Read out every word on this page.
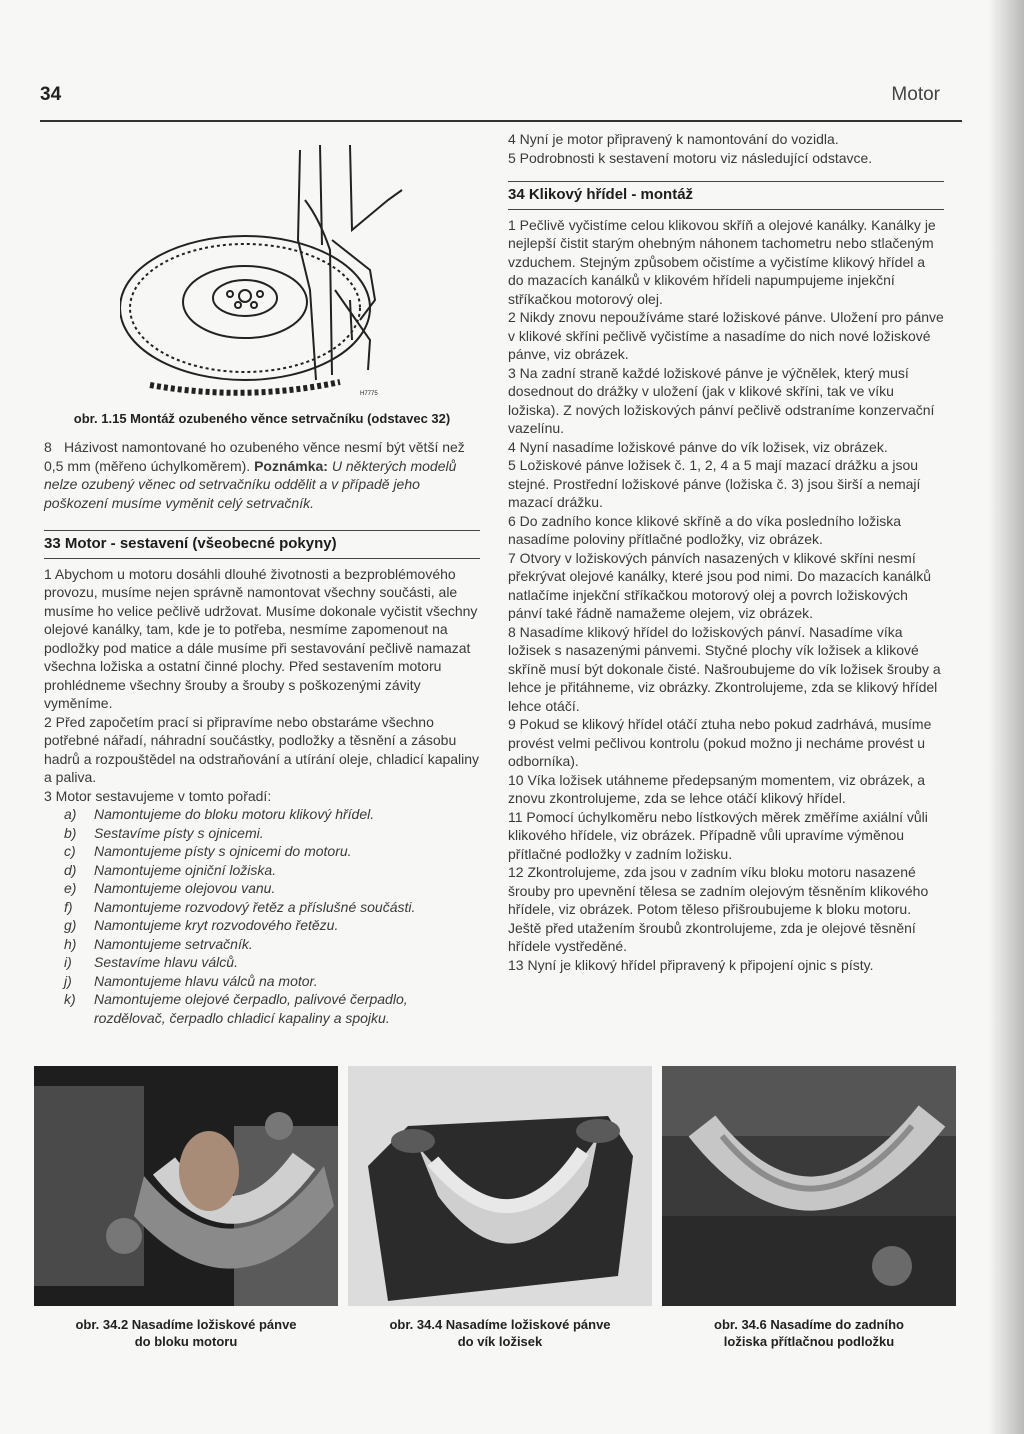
34	Motor
H7775
obr. 1.15 Montáž ozubeného věnce setrvačníku (odstavec 32)

8 Házivost namontované ho ozubeného věnce nesmí být větší než 0,5 mm (měřeno úchylkoměrem). Poznámka: U některých modelů nelze ozubený věnec od setrvačníku oddělit a v případě jeho poškození musíme vyměnit celý setrvačník.

33 Motor - sestavení (všeobecné pokyny)

1 Abychom u motoru dosáhli dlouhé životnosti a bezproblémového provozu, musíme nejen správně namontovat všechny součásti, ale musíme ho velice pečlivě udržovat. Musíme dokonale vyčistit všechny olejové kanálky, tam, kde je to potřeba, nesmíme zapomenout na podložky pod matice a dále musíme při sestavování pečlivě namazat všechna ložiska a ostatní činné plochy. Před sestavením motoru prohlédneme všechny šrouby a šrouby s poškozenými závity vyměníme.

2 Před započetím prací si připravíme nebo obstaráme všechno potřebné nářadí, náhradní součástky, podložky a těsnění a zásobu hadrů a rozpouštědel na odstraňování a utírání oleje, chladicí kapaliny a paliva.

3 Motor sestavujeme v tomto pořadí:

a) Namontujeme do bloku motoru klikový hřídel.
b) Sestavíme písty s ojnicemi.
c) Namontujeme písty s ojnicemi do motoru.
d) Namontujeme ojniční ložiska.
e) Namontujeme olejovou vanu.
f) Namontujeme rozvodový řetěz a příslušné součásti.
g) Namontujeme kryt rozvodového řetězu.
h) Namontujeme setrvačník.
i) Sestavíme hlavu válců.
j) Namontujeme hlavu válců na motor.
k) Namontujeme olejové čerpadlo, palivové čerpadlo, rozdělovač, čerpadlo chladicí kapaliny a spojku.

4 Nyní je motor připravený k namontování do vozidla.

5 Podrobnosti k sestavení motoru viz následující odstavce.

34 Klikový hřídel - montáž

1 Pečlivě vyčistíme celou klikovou skříň a olejové kanálky. Kanálky je nejlepší čistit starým ohebným náhonem tachometru nebo stlačeným vzduchem. Stejným způsobem očistíme a vyčistíme klikový hřídel a do mazacích kanálků v klikovém hřídeli napumpujeme injekční stříkačkou motorový olej.

2 Nikdy znovu nepoužíváme staré ložiskové pánve. Uložení pro pánve v klikové skříni pečlivě vyčistíme a nasadíme do nich nové ložiskové pánve, viz obrázek.

3 Na zadní straně každé ložiskové pánve je výčnělek, který musí dosednout do drážky v uložení (jak v klikové skříni, tak ve víku ložiska). Z nových ložiskových pánví pečlivě odstraníme konzervační vazelínu.

4 Nyní nasadíme ložiskové pánve do vík ložisek, viz obrázek.

5 Ložiskové pánve ložisek č. 1, 2, 4 a 5 mají mazací drážku a jsou stejné. Prostřední ložiskové pánve (ložiska č. 3) jsou širší a nemají mazací drážku.

6 Do zadního konce klikové skříně a do víka posledního ložiska nasadíme poloviny přítlačné podložky, viz obrázek.

7 Otvory v ložiskových pánvích nasazených v klikové skříni nesmí překrývat olejové kanálky, které jsou pod nimi. Do mazacích kanálků natlačíme injekční stříkačkou motorový olej a povrch ložiskových pánví také řádně namažeme olejem, viz obrázek.

8 Nasadíme klikový hřídel do ložiskových pánví. Nasadíme víka ložisek s nasazenými pánvemi. Styčné plochy vík ložisek a klikové skříně musí být dokonale čisté. Našroubujeme do vík ložisek šrouby a lehce je přitáhneme, viz obrázky. Zkontrolujeme, zda se klikový hřídel lehce otáčí.

9 Pokud se klikový hřídel otáčí ztuha nebo pokud zadrhává, musíme provést velmi pečlivou kontrolu (pokud možno ji necháme provést u odborníka).

10 Víka ložisek utáhneme předepsaným momentem, viz obrázek, a znovu zkontrolujeme, zda se lehce otáčí klikový hřídel.

11 Pomocí úchylkoměru nebo lístkových měrek změříme axiální vůli klikového hřídele, viz obrázek. Případně vůli upravíme výměnou přítlačné podložky v zadním ložisku.

12 Zkontrolujeme, zda jsou v zadním víku bloku motoru nasazené šrouby pro upevnění tělesa se zadním olejovým těsněním klikového hřídele, viz obrázek. Potom těleso přišroubujeme k bloku motoru. Ještě před utažením šroubů zkontrolujeme, zda je olejové těsnění hřídele vystředěné.

13 Nyní je klikový hřídel připravený k připojení ojnic s písty.

obr. 34.2 Nasadíme ložiskové pánve
do bloku motoru
obr. 34.4 Nasadíme ložiskové pánve
do vík ložisek
obr. 34.6 Nasadíme do zadního
ložiska přítlačnou podložku
